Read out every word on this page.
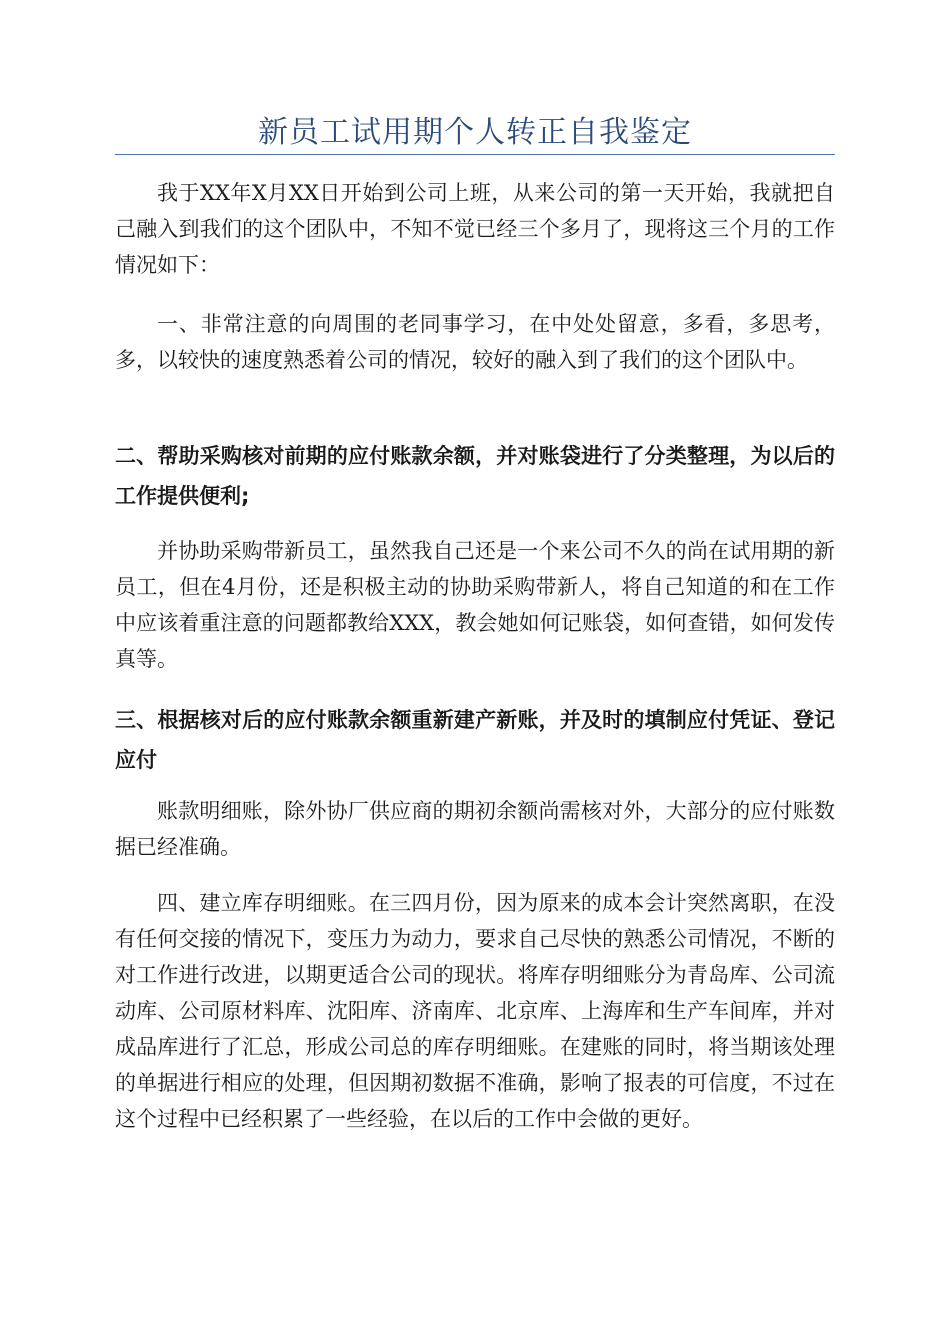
新员工试用期个人转正自我鉴定

我于XX年X月XX日开始到公司上班，从来公司的第一天开始，我就把自己融入到我们的这个团队中，不知不觉已经三个多月了，现将这三个月的工作情况如下：

一、非常注意的向周围的老同事学习，在中处处留意，多看，多思考，多，以较快的速度熟悉着公司的情况，较好的融入到了我们的这个团队中。

二、帮助采购核对前期的应付账款余额，并对账袋进行了分类整理，为以后的工作提供便利;

并协助采购带新员工，虽然我自己还是一个来公司不久的尚在试用期的新员工，但在4月份，还是积极主动的协助采购带新人，将自己知道的和在工作中应该着重注意的问题都教给XXX，教会她如何记账袋，如何查错，如何发传真等。

三、根据核对后的应付账款余额重新建产新账，并及时的填制应付凭证、登记应付

账款明细账，除外协厂供应商的期初余额尚需核对外，大部分的应付账数据已经准确。

四、建立库存明细账。在三四月份，因为原来的成本会计突然离职，在没有任何交接的情况下，变压力为动力，要求自己尽快的熟悉公司情况，不断的对工作进行改进，以期更适合公司的现状。将库存明细账分为青岛库、公司流动库、公司原材料库、沈阳库、济南库、北京库、上海库和生产车间库，并对成品库进行了汇总，形成公司总的库存明细账。在建账的同时，将当期该处理的单据进行相应的处理，但因期初数据不准确，影响了报表的可信度，不过在这个过程中已经积累了一些经验，在以后的工作中会做的更好。
